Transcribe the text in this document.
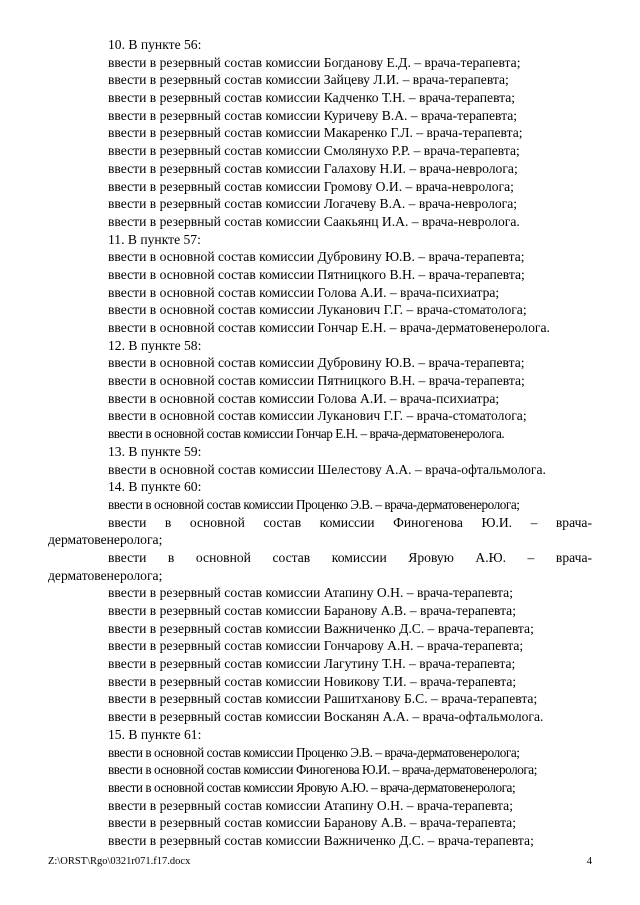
10. В пункте 56:
ввести в резервный состав комиссии Богданову Е.Д. – врача-терапевта;
ввести в резервный состав комиссии Зайцеву Л.И. – врача-терапевта;
ввести в резервный состав комиссии Кадченко Т.Н. – врача-терапевта;
ввести в резервный состав комиссии Куричеву В.А. – врача-терапевта;
ввести в резервный состав комиссии Макаренко Г.Л. – врача-терапевта;
ввести в резервный состав комиссии Смолянухо Р.Р. – врача-терапевта;
ввести в резервный состав комиссии Галахову Н.И. – врача-невролога;
ввести в резервный состав комиссии Громову О.И. – врача-невролога;
ввести в резервный состав комиссии Логачеву В.А. – врача-невролога;
ввести в резервный состав комиссии Саакьянц И.А. – врача-невролога.
11. В пункте 57:
ввести в основной состав комиссии Дубровину Ю.В. – врача-терапевта;
ввести в основной состав комиссии Пятницкого В.Н. – врача-терапевта;
ввести в основной состав комиссии Голова А.И. – врача-психиатра;
ввести в основной состав комиссии Луканович Г.Г. – врача-стоматолога;
ввести в основной состав комиссии Гончар Е.Н. – врача-дерматовенеролога.
12. В пункте 58:
ввести в основной состав комиссии Дубровину Ю.В. – врача-терапевта;
ввести в основной состав комиссии Пятницкого В.Н. – врача-терапевта;
ввести в основной состав комиссии Голова А.И. – врача-психиатра;
ввести в основной состав комиссии Луканович Г.Г. – врача-стоматолога;
ввести в основной состав комиссии Гончар Е.Н. – врача-дерматовенеролога.
13. В пункте 59:
ввести в основной состав комиссии Шелестову А.А. – врача-офтальмолога.
14. В пункте 60:
ввести в основной состав комиссии Проценко Э.В. – врача-дерматовенеролога;
ввести в основной состав комиссии Финогенова Ю.И. – врача-
дерматовенеролога;
ввести в основной состав комиссии Яровую А.Ю. – врача-
дерматовенеролога;
ввести в резервный состав комиссии Атапину О.Н. – врача-терапевта;
ввести в резервный состав комиссии Баранову А.В. – врача-терапевта;
ввести в резервный состав комиссии Важниченко Д.С. – врача-терапевта;
ввести в резервный состав комиссии Гончарову А.Н. – врача-терапевта;
ввести в резервный состав комиссии Лагутину Т.Н. – врача-терапевта;
ввести в резервный состав комиссии Новикову Т.И. – врача-терапевта;
ввести в резервный состав комиссии Рашитханову Б.С. – врача-терапевта;
ввести в резервный состав комиссии Восканян А.А. – врача-офтальмолога.
15. В пункте 61:
ввести в основной состав комиссии Проценко Э.В. – врача-дерматовенеролога;
ввести в основной состав комиссии Финогенова Ю.И. – врача-дерматовенеролога;
ввести в основной состав комиссии Яровую А.Ю. – врача-дерматовенеролога;
ввести в резервный состав комиссии Атапину О.Н. – врача-терапевта;
ввести в резервный состав комиссии Баранову А.В. – врача-терапевта;
ввести в резервный состав комиссии Важниченко Д.С. – врача-терапевта;
Z:\ORST\Rgo\0321r071.f17.docx	4
